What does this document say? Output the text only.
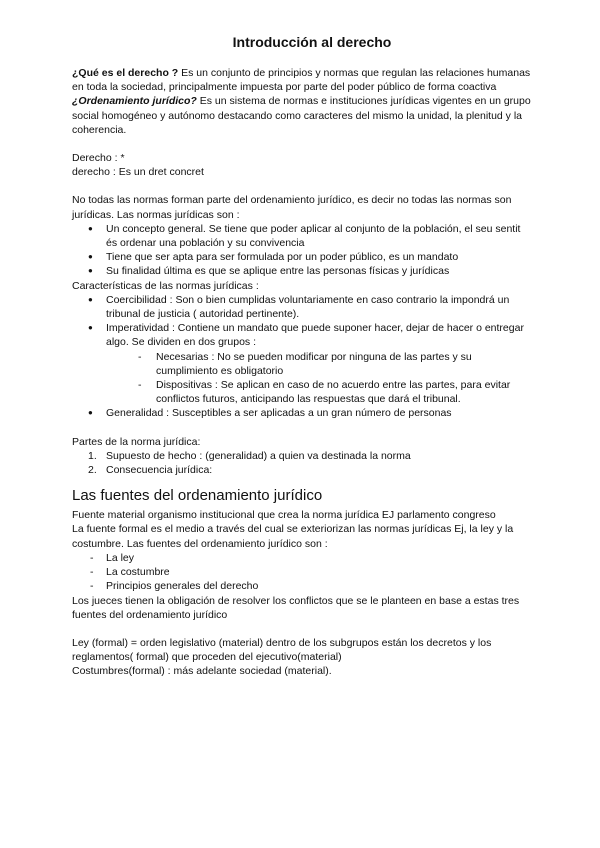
Introducción al derecho

¿Qué es el derecho ? Es un conjunto de principios y normas que regulan las relaciones humanas en toda la sociedad, principalmente impuesta por parte del poder público de forma coactiva

¿Ordenamiento jurídico? Es un sistema de normas e instituciones jurídicas vigentes en un grupo social homogéneo y autónomo destacando como caracteres del mismo la unidad, la plenitud y la coherencia.

Derecho : *

derecho : Es un dret concret

No todas las normas forman parte del ordenamiento jurídico, es decir no todas las normas son jurídicas. Las normas jurídicas son :

● Un concepto general. Se tiene que poder aplicar al conjunto de la población, el seu sentit és ordenar una población y su convivencia
● Tiene que ser apta para ser formulada por un poder público, es un mandato
● Su finalidad última es que se aplique entre las personas físicas y jurídicas

Características de las normas jurídicas :

● Coercibilidad : Son o bien cumplidas voluntariamente en caso contrario la impondrá un tribunal de justicia ( autoridad pertinente).
● Imperatividad : Contiene un mandato que puede suponer hacer, dejar de hacer o entregar algo. Se dividen en dos grupos :
- Necesarias : No se pueden modificar por ninguna de las partes y su cumplimiento es obligatorio
- Dispositivas : Se aplican en caso de no acuerdo entre las partes, para evitar conflictos futuros, anticipando las respuestas que dará el tribunal.
● Generalidad : Susceptibles a ser aplicadas a un gran número de personas

Partes de la norma jurídica:

1. Supuesto de hecho : (generalidad) a quien va destinada la norma
2. Consecuencia jurídica:
Las fuentes del ordenamiento jurídico

Fuente material organismo institucional que crea la norma jurídica EJ parlamento congreso

La fuente formal es el medio a través del cual se exteriorizan las normas jurídicas Ej, la ley y la costumbre. Las fuentes del ordenamiento jurídico son :

- La ley
- La costumbre
- Principios generales del derecho

Los jueces tienen la obligación de resolver los conflictos que se le planteen en base a estas tres fuentes del ordenamiento jurídico

Ley (formal) = orden legislativo (material) dentro de los subgrupos están los decretos y los reglamentos( formal) que proceden del ejecutivo(material)

Costumbres(formal) : más adelante sociedad (material).
